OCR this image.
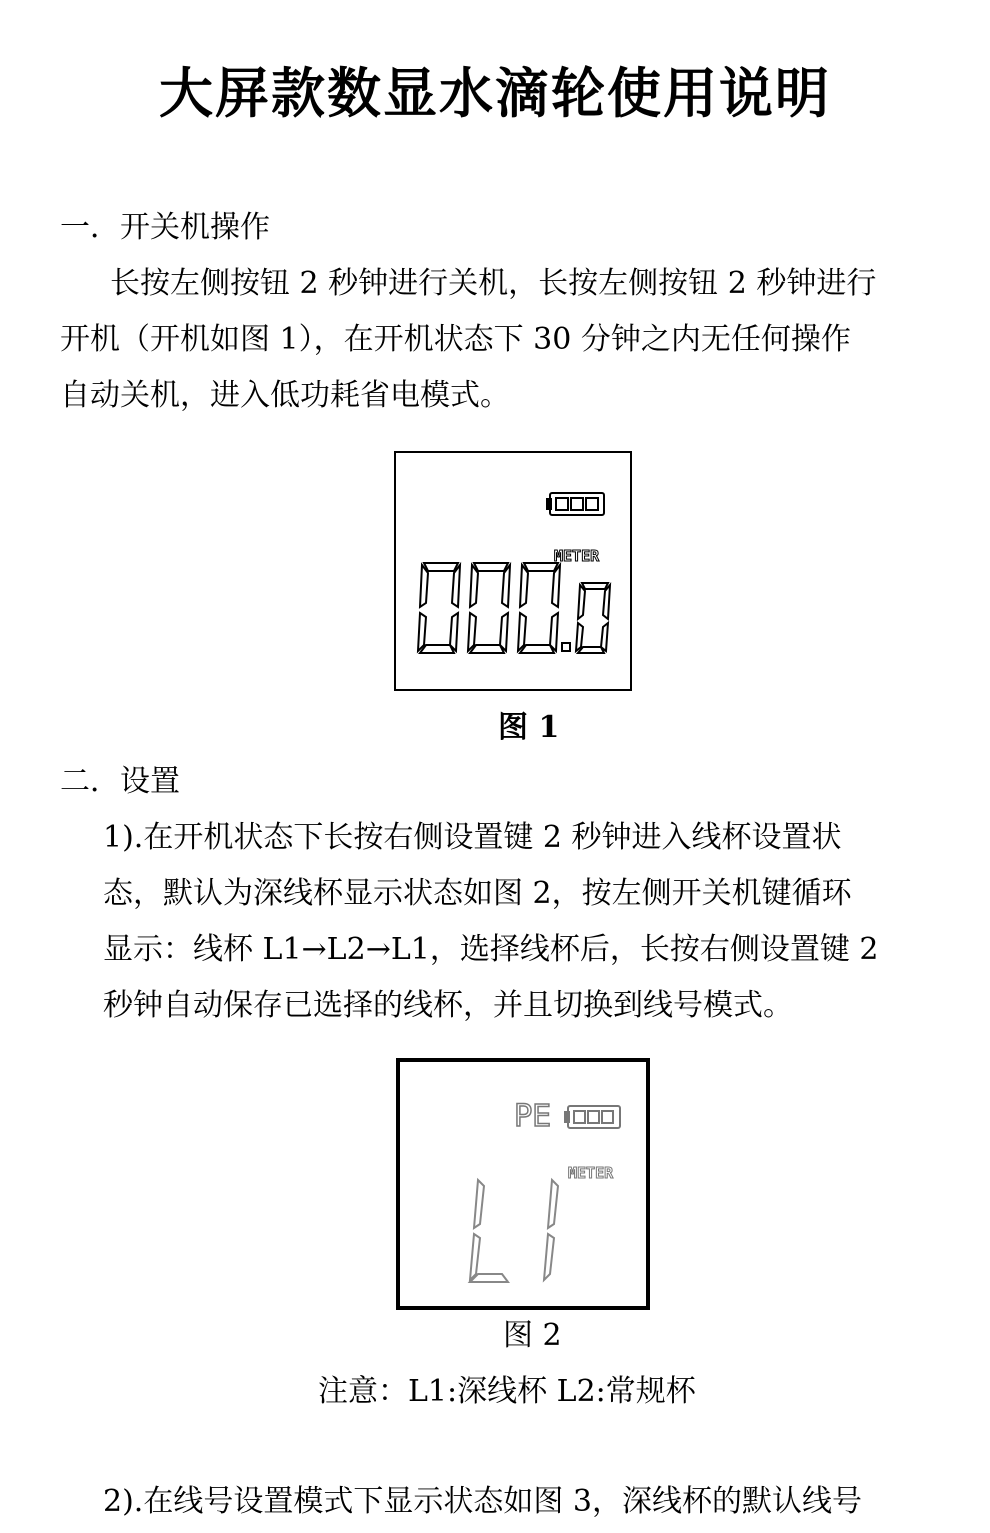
大屏款数显水滴轮使用说明
一．开关机操作
长按左侧按钮 2 秒钟进行关机，长按左侧按钮 2 秒钟进行
开机（开机如图 1），在开机状态下 30 分钟之内无任何操作
自动关机，进入低功耗省电模式。
METER
图 1
二．设置
1).在开机状态下长按右侧设置键 2 秒钟进入线杯设置状
态，默认为深线杯显示状态如图 2，按左侧开关机键循环
显示：线杯 L1→L2→L1，选择线杯后，长按右侧设置键 2
秒钟自动保存已选择的线杯，并且切换到线号模式。
PE
METER
图 2
注意：L1:深线杯 L2:常规杯
2).在线号设置模式下显示状态如图 3，深线杯的默认线号
